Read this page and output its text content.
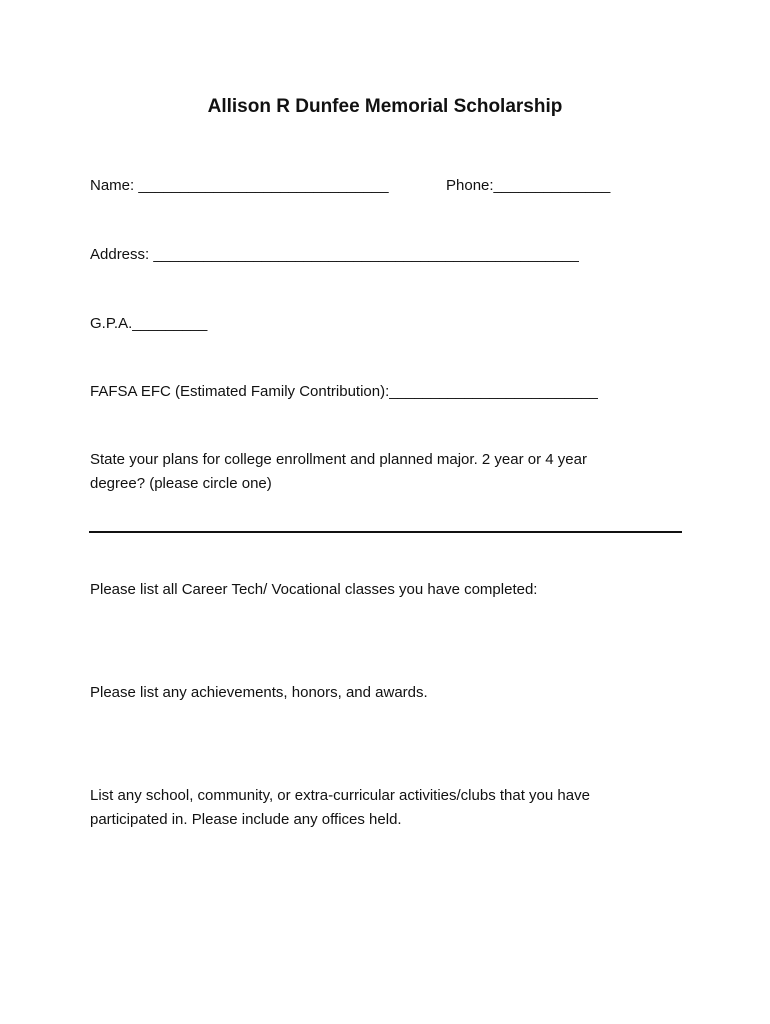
Allison R Dunfee Memorial Scholarship
Name: ______________________________	Phone:______________
Address: ___________________________________________________
G.P.A._________
FAFSA EFC (Estimated Family Contribution):_________________________
State your plans for college enrollment and planned major. 2 year or 4 year
degree? (please circle one)
Please list all Career Tech/ Vocational classes you have completed:
Please list any achievements, honors, and awards.
List any school, community, or extra-curricular activities/clubs that you have
participated in. Please include any offices held.
